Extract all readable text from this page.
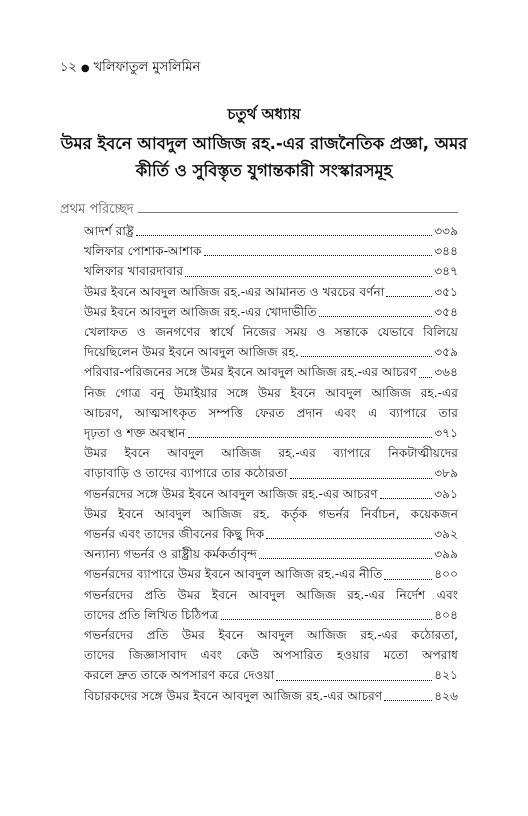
১২ ● খলিফাতুল মুসলিমিন
চতুর্থ অধ্যায়
উমর ইবনে আবদুল আজিজ রহ.-এর রাজনৈতিক প্রজ্ঞা, অমর
কীর্তি ও সুবিস্তৃত যুগান্তকারী সংস্কারসমূহ
প্রথম পরিচ্ছেদ
আদর্শ রাষ্ট্র	৩৩৯
খলিফার পোশাক-আশাক	৩৪৪
খলিফার খাবারদাবার	৩৪৭
উমর ইবনে আবদুল আজিজ রহ.-এর আমানত ও খরচের বর্ণনা	৩৫১
উমর ইবনে আবদুল আজিজ রহ.-এর খোদাভীতি	৩৫৪
খেলাফত ও জনগণের স্বার্থে নিজের সময় ও সন্তাকে যেভাবে বিলিয়ে
দিয়েছিলেন উমর ইবনে আবদুল আজিজ রহ.	৩৫৯
পরিবার-পরিজনের সঙ্গে উমর ইবনে আবদুল আজিজ রহ.-এর আচরণ ৩৬৪
নিজ গোত্র বনু উমাইয়ার সঙ্গে উমর ইবনে আবদুল আজিজ রহ.-এর
আচরণ, আত্মসাৎকৃত সম্পত্তি ফেরত প্রদান এবং এ ব্যাপারে তার
দৃঢ়তা ও শক্ত অবস্থান	৩৭১
উমর ইবনে আবদুল আজিজ রহ.-এর ব্যাপারে নিকটাত্মীয়দের
বাড়াবাড়ি ও তাদের ব্যাপারে তার কঠোরতা	৩৮৯
গভর্নরদের সঙ্গে উমর ইবনে আবদুল আজিজ রহ.-এর আচরণ	৩৯১
উমর ইবনে আবদুল আজিজ রহ. কর্তৃক গভর্নর নির্বাচন, কয়েকজন
গভর্নর এবং তাদের জীবনের কিছু দিক	৩৯২
অন্যান্য গভর্নর ও রাষ্ট্রীয় কর্মকর্তাবৃন্দ	৩৯৯
গভর্নরদের ব্যাপারে উমর ইবনে আবদুল আজিজ রহ.-এর নীতি	৪০০
গভর্নরদের প্রতি উমর ইবনে আবদুল আজিজ রহ.-এর নির্দেশ এবং
তাদের প্রতি লিখিত চিঠিপত্র	৪০৪
গভর্নরদের প্রতি উমর ইবনে আবদুল আজিজ রহ.-এর কঠোরতা,
তাদের জিজ্ঞাসাবাদ এবং কেউ অপসারিত হওয়ার মতো অপরাধ
করলে দ্রুত তাকে অপসারণ করে দেওয়া	৪২১
বিচারকদের সঙ্গে উমর ইবনে আবদুল আজিজ রহ.-এর আচরণ	৪২৬
